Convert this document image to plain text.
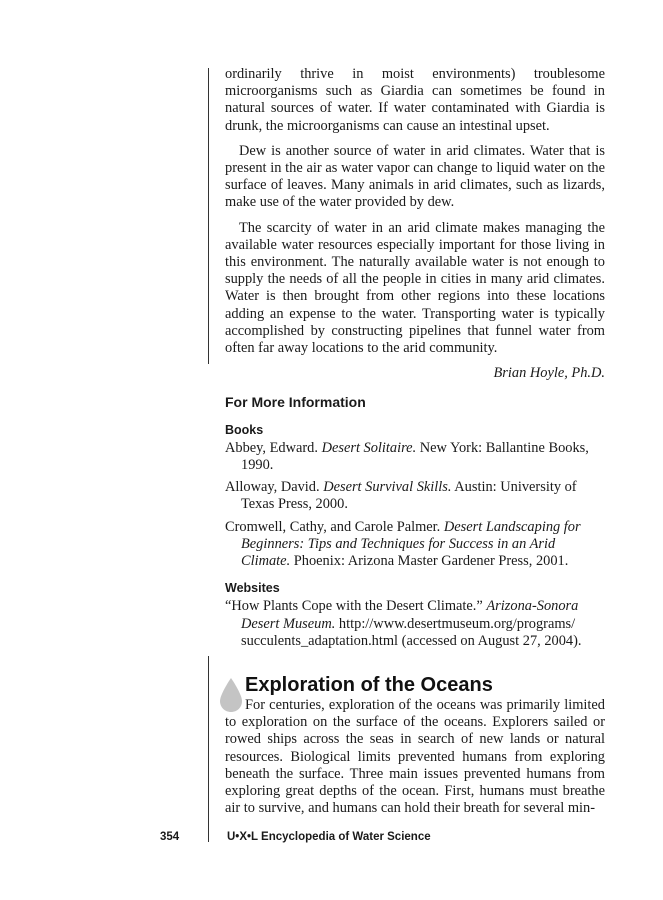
ordinarily thrive in moist environments) troublesome microorganisms such as Giardia can sometimes be found in natural sources of water. If water contaminated with Giardia is drunk, the microorganisms can cause an intestinal upset.

Dew is another source of water in arid climates. Water that is present in the air as water vapor can change to liquid water on the surface of leaves. Many animals in arid climates, such as lizards, make use of the water provided by dew.

The scarcity of water in an arid climate makes managing the available water resources especially important for those living in this environment. The naturally available water is not enough to supply the needs of all the people in cities in many arid climates. Water is then brought from other regions into these locations adding an expense to the water. Transporting water is typically accomplished by constructing pipelines that funnel water from often far away locations to the arid community.

Brian Hoyle, Ph.D.
For More Information
Books
Abbey, Edward. Desert Solitaire. New York: Ballantine Books, 1990.
Alloway, David. Desert Survival Skills. Austin: University of Texas Press, 2000.
Cromwell, Cathy, and Carole Palmer. Desert Landscaping for Beginners: Tips and Techniques for Success in an Arid Climate. Phoenix: Arizona Master Gardener Press, 2001.
Websites
“How Plants Cope with the Desert Climate.” Arizona-Sonora Desert Museum. http://www.desertmuseum.org/programs/ succulents_adaptation.html (accessed on August 27, 2004).
Exploration of the Oceans

For centuries, exploration of the oceans was primarily limited to exploration on the surface of the oceans. Explorers sailed or rowed ships across the seas in search of new lands or natural resources. Biological limits prevented humans from exploring beneath the surface. Three main issues prevented humans from exploring great depths of the ocean. First, humans must breathe air to survive, and humans can hold their breath for several min-

354	U•X•L Encyclopedia of Water Science
